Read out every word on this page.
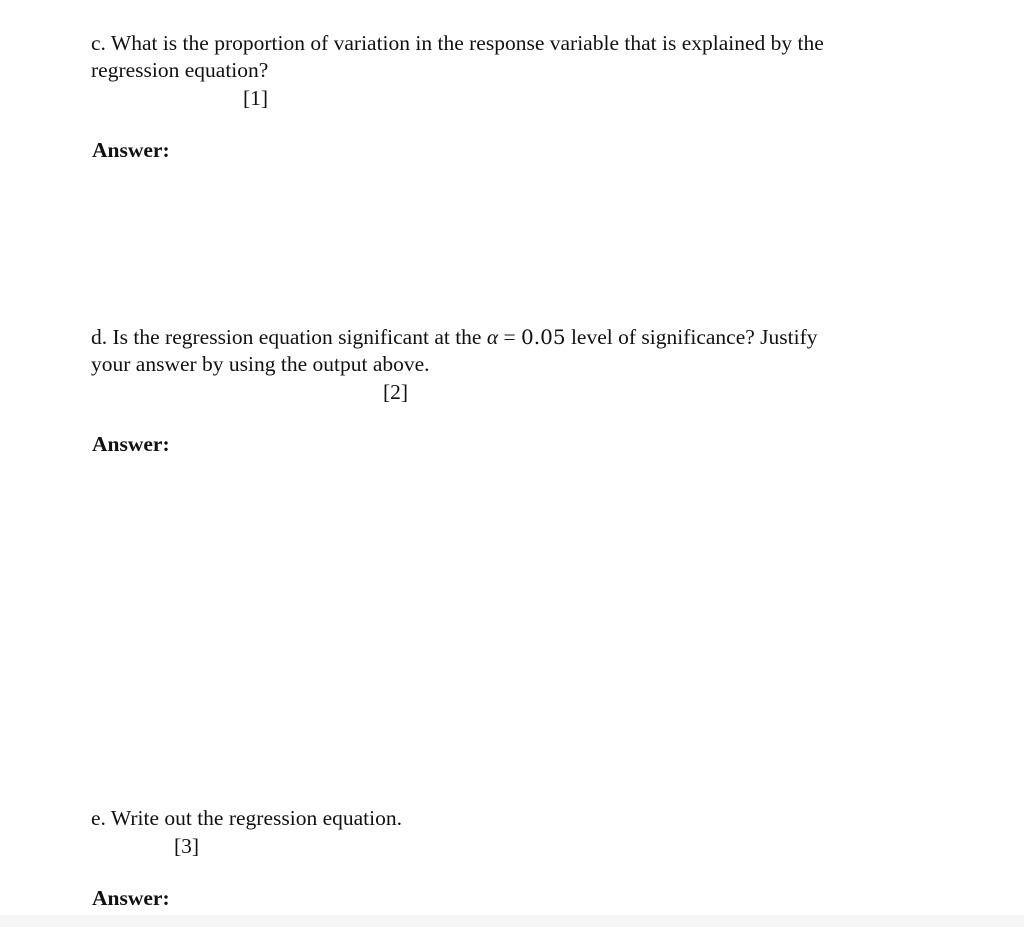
c. What is the proportion of variation in the response variable that is explained by the
regression equation?
[1]
Answer:
d. Is the regression equation significant at the α = 0.05 level of significance? Justify
your answer by using the output above.
[2]
Answer:
e. Write out the regression equation.
[3]
Answer:
